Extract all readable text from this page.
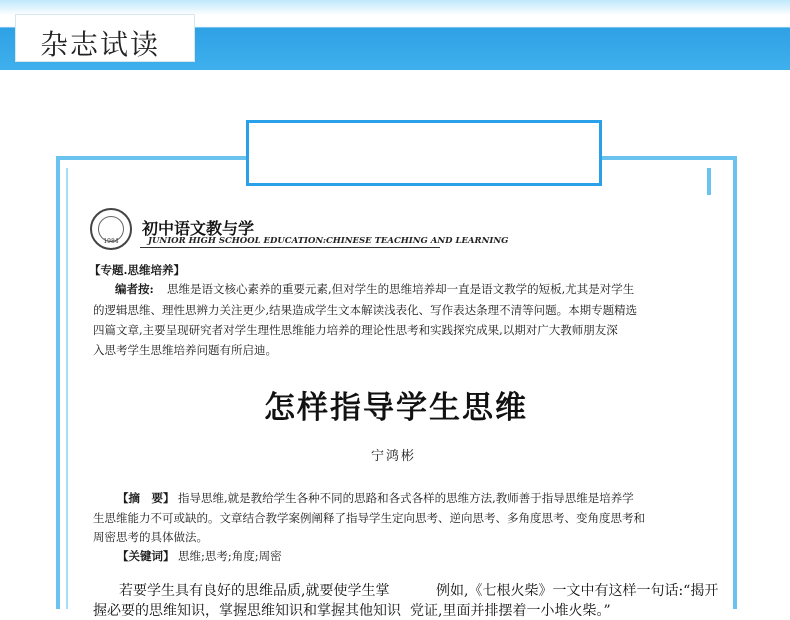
杂志试读
1984
初中语文教与学
JUNIOR HIGH SCHOOL EDUCATION:CHINESE TEACHING AND LEARNING
【专题.思维培养】
编者按: 思维是语文核心素养的重要元素,但对学生的思维培养却一直是语文教学的短板,尤其是对学生
的逻辑思维、理性思辨力关注更少,结果造成学生文本解读浅表化、写作表达条理不清等问题。本期专题精选
四篇文章,主要呈现研究者对学生理性思维能力培养的理论性思考和实践探究成果,以期对广大教师朋友深
入思考学生思维培养问题有所启迪。
怎样指导学生思维
宁鸿彬
【摘　要】 指导思维,就是教给学生各种不同的思路和各式各样的思维方法,教师善于指导思维是培养学
生思维能力不可或缺的。文章结合教学案例阐释了指导学生定向思考、逆向思考、多角度思考、变角度思考和
周密思考的具体做法。
【关键词】 思维;思考;角度;周密
若要学生具有良好的思维品质,就要使学生掌
握必要的思维知识，掌握思维知识和掌握其他知识
例如,《七根火柴》一文中有这样一句话:“揭开
党证,里面并排摆着一小堆火柴。”
